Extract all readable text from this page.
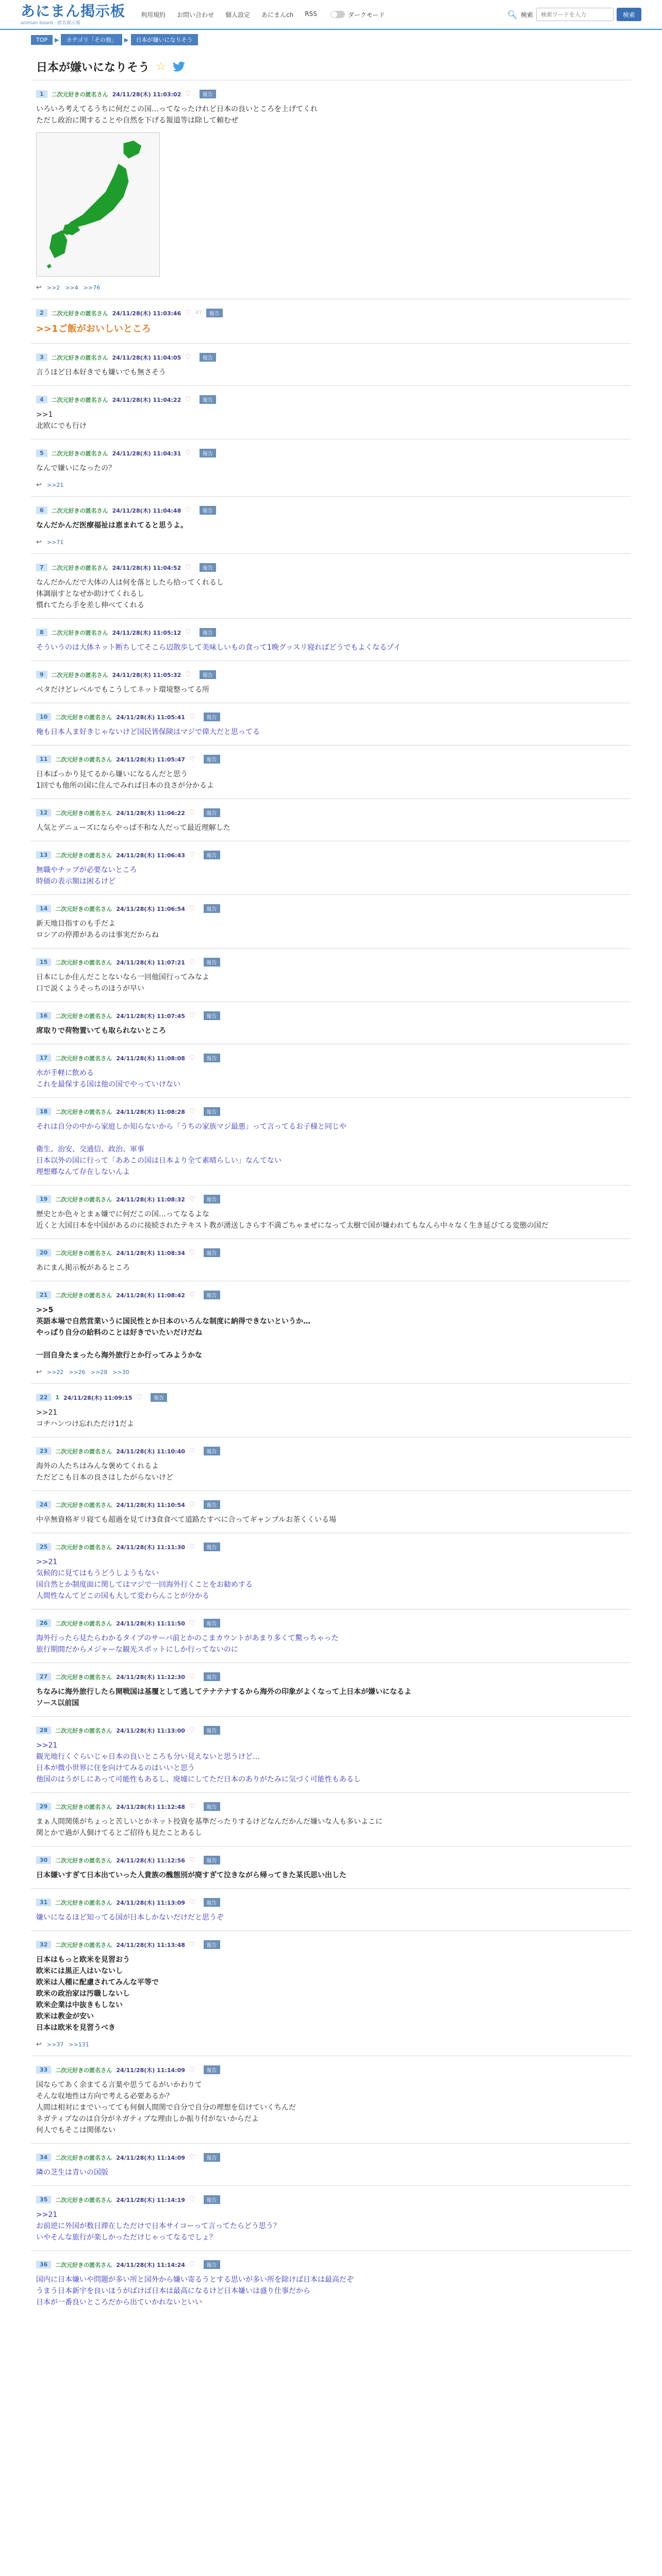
あにまん掲示板
animan board · 匿名掲示板
利用規約 お問い合わせ 個人設定 あにまんch RSS	ダークモード	🔍︎ 検索
検索ワードを入力	検索
TOP	▶	カテゴリ「その他」	▶	日本が嫌いになりそう
日本が嫌いになりそう ☆
1	二次元好きの匿名さん 24/11/28(木) 11:03:02 ♡	報告
いろいろ考えてるうちに何だこの国…ってなったけれど日本の良いところを上げてくれ
ただし政治に関することや自然を下げる報道等は除して頼むぜ
↩ >>2 >>4 >>76
2	二次元好きの匿名さん 24/11/28(木) 11:03:46 ♡ 47	報告
>>1ご飯がおいしいところ
3	二次元好きの匿名さん 24/11/28(木) 11:04:05 ♡	報告
言うほど日本好きでも嫌いでも無さそう
4	二次元好きの匿名さん 24/11/28(木) 11:04:22 ♡	報告
>>1
北欧にでも行け
5	二次元好きの匿名さん 24/11/28(木) 11:04:31 ♡	報告
なんで嫌いになったの？
↩ >>21
6	二次元好きの匿名さん 24/11/28(木) 11:04:48 ♡	報告
なんだかんだ医療福祉は恵まれてると思うよ。
↩ >>71
7	二次元好きの匿名さん 24/11/28(木) 11:04:52 ♡	報告
なんだかんだで大体の人は何を落としたら拾ってくれるし
体調崩すとなぜか助けてくれるし
慣れてたら手を差し伸べてくれる
8	二次元好きの匿名さん 24/11/28(木) 11:05:12 ♡	報告
そういうのは大体ネット断ちしてそこら辺散歩して美味しいもの食って1晩グッスリ寝ればどうでもよくなるゾイ
9	二次元好きの匿名さん 24/11/28(木) 11:05:32 ♡	報告
ベタだけどレベルでもこうしてネット環境整ってる所
10	二次元好きの匿名さん 24/11/28(木) 11:05:41 ♡	報告
俺も日本人ま好きじゃないけど国民皆保険はマジで偉大だと思ってる
11	二次元好きの匿名さん 24/11/28(木) 11:05:47 ♡	報告
日本ばっかり見てるから嫌いになるんだと思う
1回でも他所の国に住んでみれば日本の良さが分かるよ
12	二次元好きの匿名さん 24/11/28(木) 11:06:22 ♡	報告
人気とデニューズにならやっぱ不和な人だって最近理解した
13	二次元好きの匿名さん 24/11/28(木) 11:06:43 ♡	報告
無職やチップが必要ないところ
時価の表示額は困るけど
14	二次元好きの匿名さん 24/11/28(木) 11:06:54 ♡	報告
新天地目指すのも手だよ
ロシアの停滞があるのは事実だからね
15	二次元好きの匿名さん 24/11/28(木) 11:07:21 ♡	報告
日本にしか住んだことないなら一回他国行ってみなよ
口で説くようそっちのほうが早い
16	二次元好きの匿名さん 24/11/28(木) 11:07:45 ♡	報告
席取りで荷物置いても取られないところ
17	二次元好きの匿名さん 24/11/28(木) 11:08:08 ♡	報告
水が手軽に飲める
これを最保する国は他の国でやっていけない
18	二次元好きの匿名さん 24/11/28(木) 11:08:28 ♡	報告
それは自分の中から家庭しか知らないから「うちの家族マジ最悪」って言ってるお子様と同じや

衛生、治安、交通信、政治、軍事
日本以外の国に行って「ああこの国は日本より全て素晴らしい」なんてない
理想郷なんて存在しないんよ
19	二次元好きの匿名さん 24/11/28(木) 11:08:32 ♡	報告
歴史とか色々とまぁ嫌でに何だこの国…ってなるよな
近くと大国日本を中国があるのに接続されたテキスト教が湧送しさらす不満ごちゃまぜになって太樹で国が嫌われてもなんら中々なく生き延びてる変態の国だ
20	二次元好きの匿名さん 24/11/28(木) 11:08:34 ♡	報告
あにまん掲示板があるところ
21	二次元好きの匿名さん 24/11/28(木) 11:08:42 ♡	報告
>>5
英語本場で自然営業いうに国民性とか日本のいろんな制度に納得できないというか…
やっぱり自分の給料のことは好きでいたいだけだね

一回自身たまったら海外旅行とか行ってみようかな
↩ >>22 >>26 >>28 >>30
22	1 24/11/28(木) 11:09:15 ♡	報告
>>21
コチハンつけ忘れただけ1だよ
23	二次元好きの匿名さん 24/11/28(木) 11:10:40 ♡	報告
海外の人たちはみんな褒めてくれるよ
ただどこも日本の良さはしたがらないけど
24	二次元好きの匿名さん 24/11/28(木) 11:10:54 ♡	報告
中卒無資格ギリ寝ても超過を見てけ3食食べて道路たすべに合ってギャンブルお茶くくいる場
25	二次元好きの匿名さん 24/11/28(木) 11:11:30 ♡	報告
>>21
気候的に見てはもうどうしようもない
国自然とか制度面に関してはマジで一回海外行くことをお勧めする
人間性なんてどこの国も大して変わらんことが分かる
26	二次元好きの匿名さん 24/11/28(木) 11:11:50 ♡	報告
海外行ったら見たらわかるタイプのサーパ前とかのこまカウントがあまり多くて驚っちゃった
旅行期間だからメジャーな観光スポットにしか行ってないのに
27	二次元好きの匿名さん 24/11/28(木) 11:12:30 ♡	報告
ちなみに海外旅行したら開戦国は基覆として逃してテナテナするから海外の印象がよくなって上日本が嫌いになるよ
ソース以前国
28	二次元好きの匿名さん 24/11/28(木) 11:13:00 ♡	報告
>>21
観光地行くぐらいじゃ日本の良いところも分い見えないと思うけど…
日本が微小世界に住を向けてみるのはいいと思う
他国のはうがしにあって可能性もあるし、廃墟にしてただ日本のありがたみに気づく可能性もあるし
29	二次元好きの匿名さん 24/11/28(木) 11:12:48 ♡	報告
まぁ人間関係がちょっと苦しいとかネット投資を基準だったりするけどなんだかんだ嫌いな人も多いよこに
関とかで過が人個けてるとご招待も見たことあるし
30	二次元好きの匿名さん 24/11/28(木) 11:12:56 ♡	報告
日本嫌いすぎて日本出ていった人貴族の醜態別が廃すぎて泣きながら帰ってきた某氏思い出した
31	二次元好きの匿名さん 24/11/28(木) 11:13:09 ♡	報告
嫌いになるほど知ってる国が日本しかないだけだと思うぞ
32	二次元好きの匿名さん 24/11/28(木) 11:13:48 ♡	報告
日本はもっと欧米を見習おう
欧米には黒正人はいないし
欧米は人種に配慮されてみんな平等で
欧米の政治家は汚職しないし
欧米企業は中抜きもしない
欧米は教金が安い
日本は欧米を見習うべき
↩ >>37 >>131
33	二次元好きの匿名さん 24/11/28(木) 11:14:09 ♡	報告
国ならてあく余まてる言葉や思うてるがいかわりて
そんな収地性は方向で考える必要あるか？
人間は相対にまでいってても何個人間関で自分で自分の理想を信けていくちんだ
ネガティブなのは自分がネガティブな理由しか振り付がないからだよ
何人でもそこは関係ない
34	二次元好きの匿名さん 24/11/28(木) 11:14:09 ♡	報告
隣の芝生は青いの国版
35	二次元好きの匿名さん 24/11/28(木) 11:14:19 ♡	報告
>>21
お前逆に外国が数日滞在しただけで日本サイコーって言ってたらどう思う？
いやそんな旅行が楽しかっただけじゃってなるでしょ？
36	二次元好きの匿名さん 24/11/28(木) 11:14:24 ♡	報告
国内に日本嫌いや問題が多い所と国外から嫌い寄るうとする思いが多い所を除けば日本は最高だぞ
うまう日本新宇を良いほうがばけば日本は最高になるけど日本嫌いは盛り仕事だから
日本が一番良いところだから出ていかれないといい
